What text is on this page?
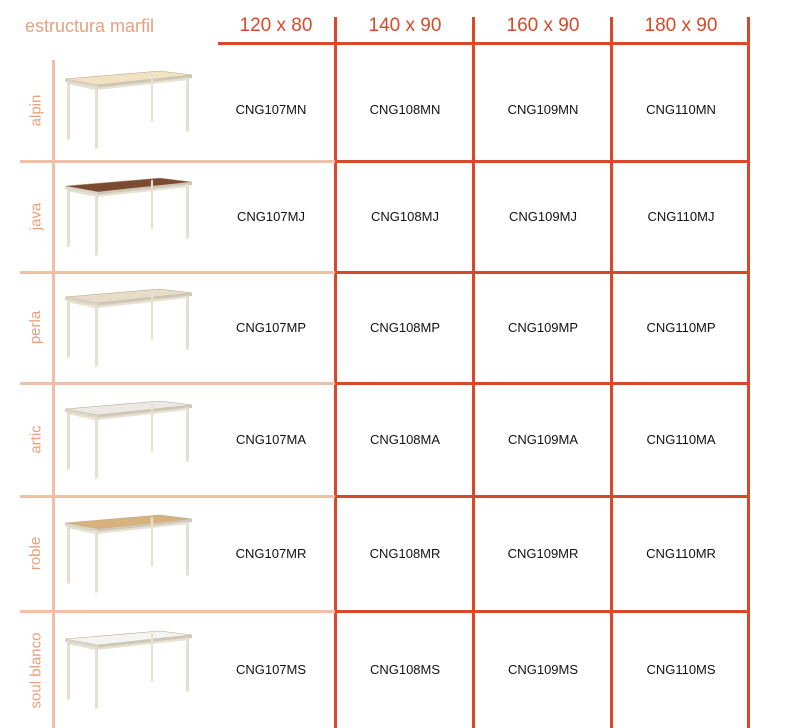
estructura marfil	120 x 80	140 x 90	160 x 90	180 x 90
alpin	CNG107MN	CNG108MN	CNG109MN	CNG110MN
java	CNG107MJ	CNG108MJ	CNG109MJ	CNG110MJ
perla	CNG107MP	CNG108MP	CNG109MP	CNG110MP
artic	CNG107MA	CNG108MA	CNG109MA	CNG110MA
roble	CNG107MR	CNG108MR	CNG109MR	CNG110MR
soul blanco	CNG107MS	CNG108MS	CNG109MS	CNG110MS
